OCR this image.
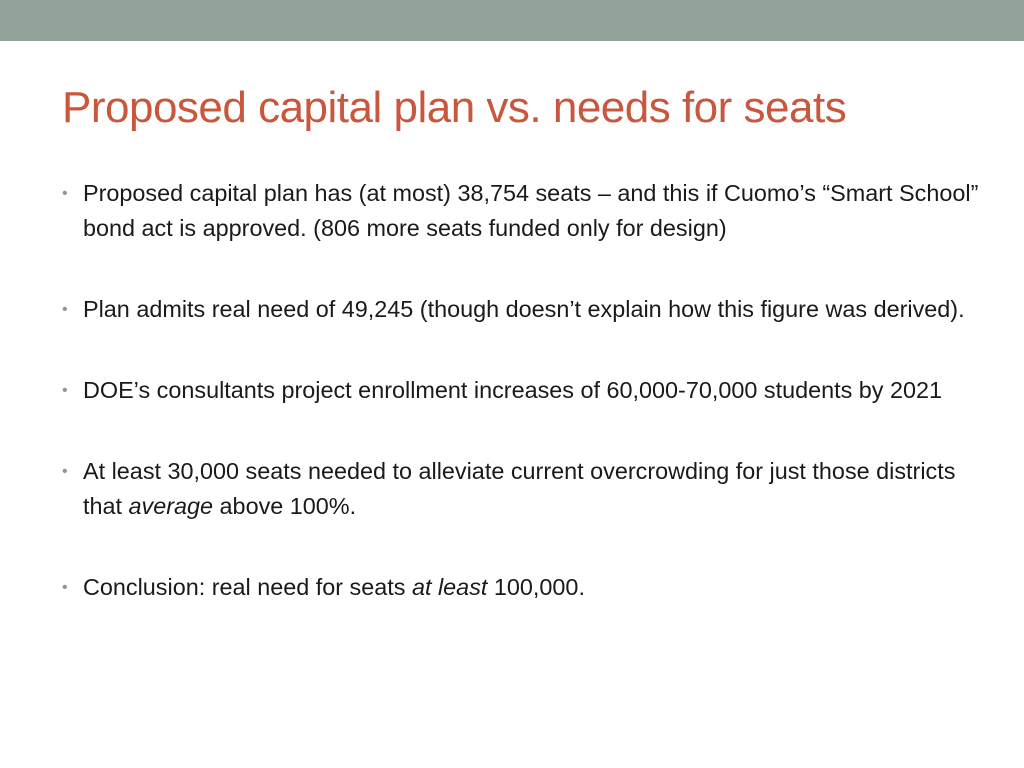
Proposed capital plan vs. needs for seats
• Proposed capital plan has (at most) 38,754 seats – and this if Cuomo’s “Smart School” bond act is approved. (806 more seats funded only for design)
• Plan admits real need of 49,245 (though doesn’t explain how this figure was derived).
• DOE’s consultants project enrollment increases of 60,000-70,000 students by 2021
• At least 30,000 seats needed to alleviate current overcrowding for just those districts that average above 100%.
• Conclusion: real need for seats at least 100,000.
